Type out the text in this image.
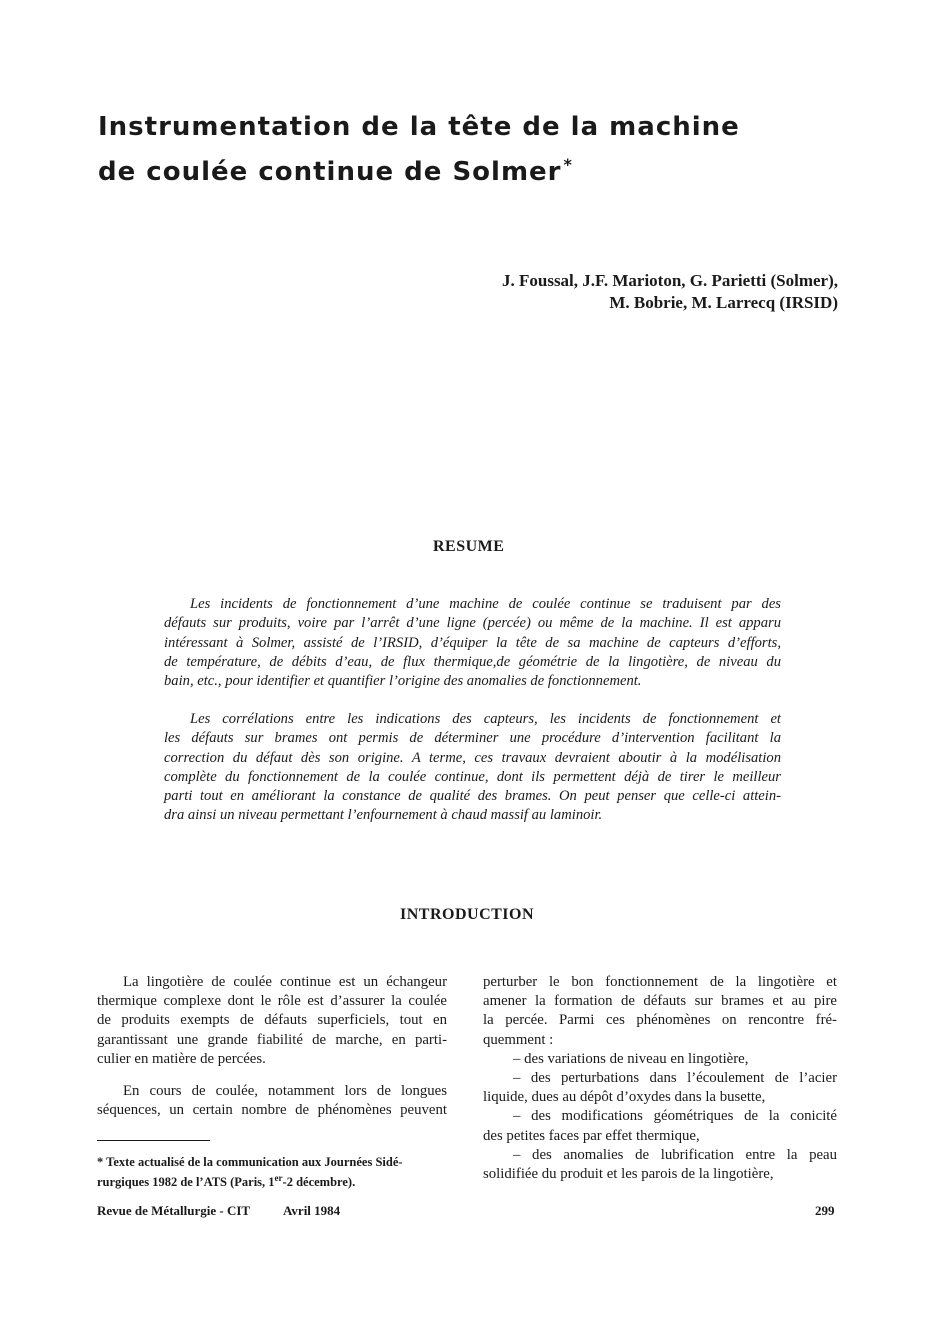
Instrumentation de la tête de la machine
de coulée continue de Solmer *
J. Foussal, J.F. Marioton, G. Parietti (Solmer),
M. Bobrie, M. Larrecq (IRSID)
RESUME
Les incidents de fonctionnement d’une machine de coulée continue se traduisent par des
défauts sur produits, voire par l’arrêt d’une ligne (percée) ou même de la machine. Il est apparu
intéressant à Solmer, assisté de l’IRSID, d’équiper la tête de sa machine de capteurs d’efforts,
de température, de débits d’eau, de flux thermique,de géométrie de la lingotière, de niveau du
bain, etc., pour identifier et quantifier l’origine des anomalies de fonctionnement.
Les corrélations entre les indications des capteurs, les incidents de fonctionnement et
les défauts sur brames ont permis de déterminer une procédure d’intervention facilitant la
correction du défaut dès son origine. A terme, ces travaux devraient aboutir à la modélisation
complète du fonctionnement de la coulée continue, dont ils permettent déjà de tirer le meilleur
parti tout en améliorant la constance de qualité des brames. On peut penser que celle-ci attein-
dra ainsi un niveau permettant l’enfournement à chaud massif au laminoir.
INTRODUCTION
La lingotière de coulée continue est un échangeur
thermique complexe dont le rôle est d’assurer la coulée
de produits exempts de défauts superficiels, tout en
garantissant une grande fiabilité de marche, en parti-
culier en matière de percées.
En cours de coulée, notamment lors de longues
séquences, un certain nombre de phénomènes peuvent
perturber le bon fonctionnement de la lingotière et
amener la formation de défauts sur brames et au pire
la percée. Parmi ces phénomènes on rencontre fré-
quemment :
– des variations de niveau en lingotière,
– des perturbations dans l’écoulement de l’acier
liquide, dues au dépôt d’oxydes dans la busette,
– des modifications géométriques de la conicité
des petites faces par effet thermique,
– des anomalies de lubrification entre la peau
solidifiée du produit et les parois de la lingotière,
* Texte actualisé de la communication aux Journées Sidé-
rurgiques 1982 de l’ATS (Paris, 1er-2 décembre).
Revue de Métallurgie - CIT	Avril 1984	299
